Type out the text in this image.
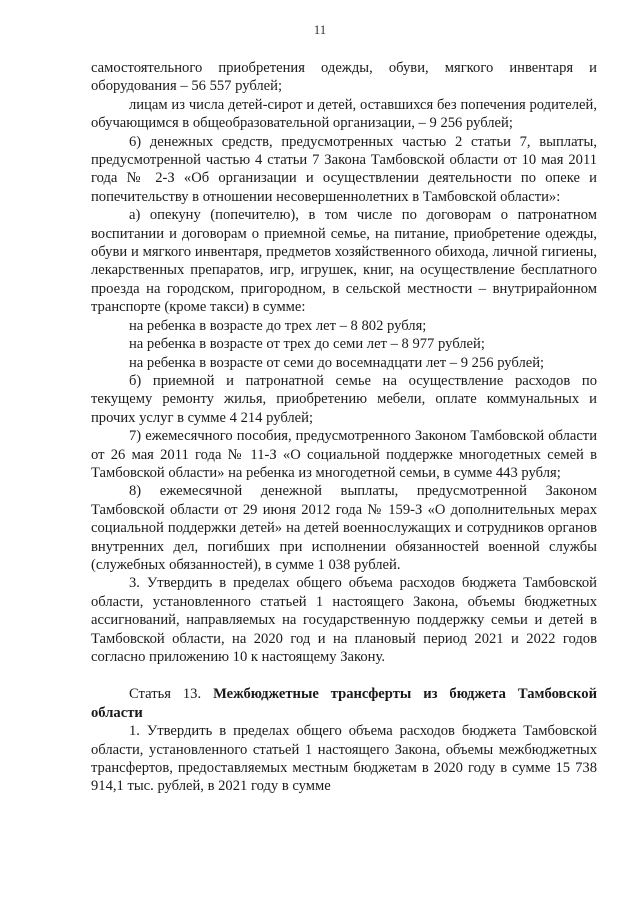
11

самостоятельного приобретения одежды, обуви, мягкого инвентаря и оборудования – 56 557 рублей;

лицам из числа детей-сирот и детей, оставшихся без попечения родителей, обучающимся в общеобразовательной организации, – 9 256 рублей;

6) денежных средств, предусмотренных частью 2 статьи 7, выплаты, предусмотренной частью 4 статьи 7 Закона Тамбовской области от 10 мая 2011 года № 2-З «Об организации и осуществлении деятельности по опеке и попечительству в отношении несовершеннолетних в Тамбовской области»:

а) опекуну (попечителю), в том числе по договорам о патронатном воспитании и договорам о приемной семье, на питание, приобретение одежды, обуви и мягкого инвентаря, предметов хозяйственного обихода, личной гигиены, лекарственных препаратов, игр, игрушек, книг, на осуществление бесплатного проезда на городском, пригородном, в сельской местности – внутрирайонном транспорте (кроме такси) в сумме:

на ребенка в возрасте до трех лет – 8 802 рубля;

на ребенка в возрасте от трех до семи лет – 8 977 рублей;

на ребенка в возрасте от семи до восемнадцати лет – 9 256 рублей;

б) приемной и патронатной семье на осуществление расходов по текущему ремонту жилья, приобретению мебели, оплате коммунальных и прочих услуг в сумме 4 214 рублей;

7) ежемесячного пособия, предусмотренного Законом Тамбовской области от 26 мая 2011 года № 11-З «О социальной поддержке многодетных семей в Тамбовской области» на ребенка из многодетной семьи, в сумме 443 рубля;

8) ежемесячной денежной выплаты, предусмотренной Законом Тамбовской области от 29 июня 2012 года № 159-З «О дополнительных мерах социальной поддержки детей» на детей военнослужащих и сотрудников органов внутренних дел, погибших при исполнении обязанностей военной службы (служебных обязанностей), в сумме 1 038 рублей.

3. Утвердить в пределах общего объема расходов бюджета Тамбовской области, установленного статьей 1 настоящего Закона, объемы бюджетных ассигнований, направляемых на государственную поддержку семьи и детей в Тамбовской области, на 2020 год и на плановый период 2021 и 2022 годов согласно приложению 10 к настоящему Закону.

Статья 13. Межбюджетные трансферты из бюджета Тамбовской области

1. Утвердить в пределах общего объема расходов бюджета Тамбовской области, установленного статьей 1 настоящего Закона, объемы межбюджетных трансфертов, предоставляемых местным бюджетам в 2020 году в сумме 15 738 914,1 тыс. рублей, в 2021 году в сумме
